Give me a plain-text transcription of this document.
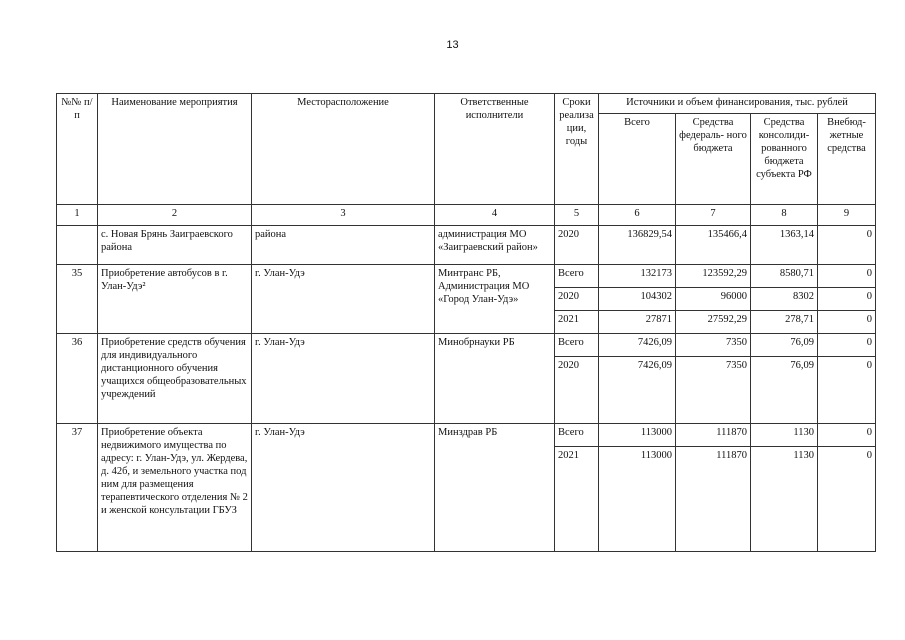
13
№№ п/п	Наименование мероприятия	Месторасположение	Ответственные исполнители	Сроки реализа ции, годы	Источники и объем финансирования, тыс. рублей			
					Всего	Средства федераль- ного бюджета	Средства консолиди- рованного бюджета субъекта РФ	Внебюд- жетные средства
1	2	3	4	5	6	7	8	9
	с. Новая Брянь Заиграевского района	района	администрация МО «Заиграевский район»	2020	136829,54	135466,4	1363,14	0
35	Приобретение автобусов в г. Улан-Удэ²	г. Улан-Удэ	Минтранс РБ, Администрация МО «Город Улан-Удэ»	Всего	132173	123592,29	8580,71	0
				2020	104302	96000	8302	0
				2021	27871	27592,29	278,71	0
36	Приобретение средств обучения для индивидуального дистанционного обучения учащихся общеобразовательных учреждений	г. Улан-Удэ	Минобрнауки РБ	Всего	7426,09	7350	76,09	0
				2020	7426,09	7350	76,09	0
37	Приобретение объекта недвижимого имущества по адресу: г. Улан-Удэ, ул. Жердева, д. 42б, и земельного участка под ним для размещения терапевтического отделения № 2 и женской консультации ГБУЗ	г. Улан-Удэ	Минздрав РБ	Всего	113000	111870	1130	0
				2021	113000	111870	1130	0
